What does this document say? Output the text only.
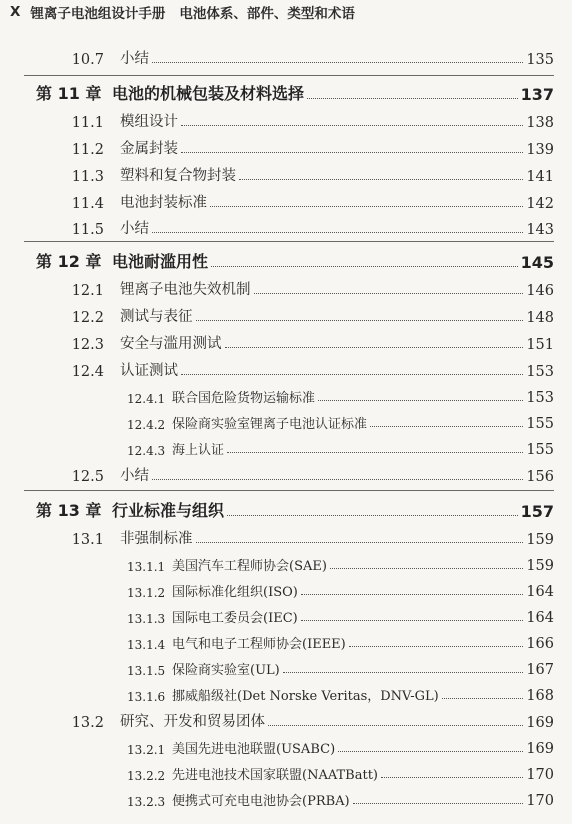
X 锂离子电池组设计手册 电池体系、部件、类型和术语
10.7 小结	135
第 11 章 电池的机械包装及材料选择	137
11.1 模组设计	138
11.2 金属封装	139
11.3 塑料和复合物封装	141
11.4 电池封装标准	142
11.5 小结	143
第 12 章 电池耐滥用性	145
12.1 锂离子电池失效机制	146
12.2 测试与表征	148
12.3 安全与滥用测试	151
12.4 认证测试	153
12.4.1 联合国危险货物运输标准	153
12.4.2 保险商实验室锂离子电池认证标准	155
12.4.3 海上认证	155
12.5 小结	156
第 13 章 行业标准与组织	157
13.1 非强制标准	159
13.1.1 美国汽车工程师协会(SAE)	159
13.1.2 国际标准化组织(ISO)	164
13.1.3 国际电工委员会(IEC)	164
13.1.4 电气和电子工程师协会(IEEE)	166
13.1.5 保险商实验室(UL)	167
13.1.6 挪威船级社(Det Norske Veritas，DNV-GL)	168
13.2 研究、开发和贸易团体	169
13.2.1 美国先进电池联盟(USABC)	169
13.2.2 先进电池技术国家联盟(NAATBatt)	170
13.2.3 便携式可充电电池协会(PRBA)	170
